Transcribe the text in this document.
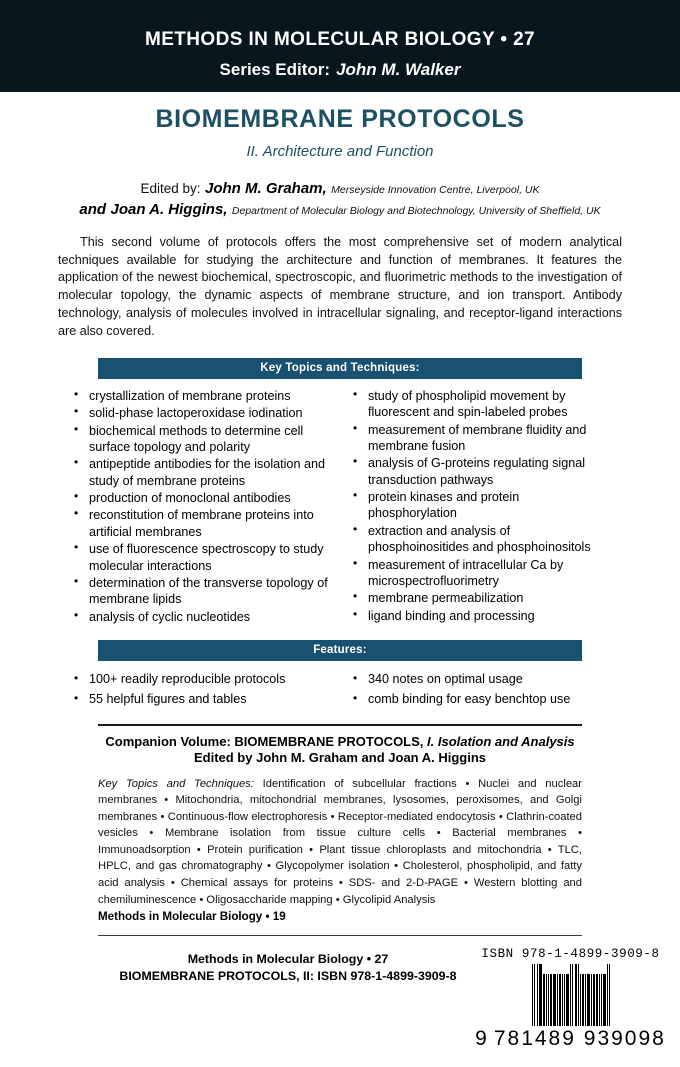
METHODS IN MOLECULAR BIOLOGY • 27
Series Editor: John M. Walker
BIOMEMBRANE PROTOCOLS
II. Architecture and Function
Edited by: John M. Graham, Merseyside Innovation Centre, Liverpool, UK
and Joan A. Higgins, Department of Molecular Biology and Biotechnology, University of Sheffield, UK
This second volume of protocols offers the most comprehensive set of modern analytical techniques available for studying the architecture and function of membranes. It features the application of the newest biochemical, spectroscopic, and fluorimetric methods to the investigation of molecular topology, the dynamic aspects of membrane structure, and ion transport. Antibody technology, analysis of molecules involved in intracellular signaling, and receptor-ligand interactions are also covered.
Key Topics and Techniques:
• crystallization of membrane proteins
• solid-phase lactoperoxidase iodination
• biochemical methods to determine cell surface topology and polarity
• antipeptide antibodies for the isolation and study of membrane proteins
• production of monoclonal antibodies
• reconstitution of membrane proteins into artificial membranes
• use of fluorescence spectroscopy to study molecular interactions
• determination of the transverse topology of membrane lipids
• analysis of cyclic nucleotides
• study of phospholipid movement by fluorescent and spin-labeled probes
• measurement of membrane fluidity and membrane fusion
• analysis of G-proteins regulating signal transduction pathways
• protein kinases and protein phosphorylation
• extraction and analysis of phosphoinositides and phosphoinositols
• measurement of intracellular Ca by microspectrofluorimetry
• membrane permeabilization
• ligand binding and processing
Features:
• 100+ readily reproducible protocols
• 55 helpful figures and tables
• 340 notes on optimal usage
• comb binding for easy benchtop use
Companion Volume: BIOMEMBRANE PROTOCOLS, I. Isolation and Analysis
Edited by John M. Graham and Joan A. Higgins
Key Topics and Techniques: Identification of subcellular fractions • Nuclei and nuclear membranes • Mitochondria, mitochondrial membranes, lysosomes, peroxisomes, and Golgi membranes • Continuous-flow electrophoresis • Receptor-mediated endocytosis • Clathrin-coated vesicles • Membrane isolation from tissue culture cells • Bacterial membranes • Immunoadsorption • Protein purification • Plant tissue chloroplasts and mitochondria • TLC, HPLC, and gas chromatography • Glycopolymer isolation • Cholesterol, phospholipid, and fatty acid analysis • Chemical assays for proteins • SDS- and 2-D-PAGE • Western blotting and chemiluminescence • Oligosaccharide mapping • Glycolipid Analysis
Methods in Molecular Biology • 19
Methods in Molecular Biology • 27
BIOMEMBRANE PROTOCOLS, II: ISBN 978-1-4899-3909-8
ISBN 978-1-4899-3909-8
9 781489 939098
